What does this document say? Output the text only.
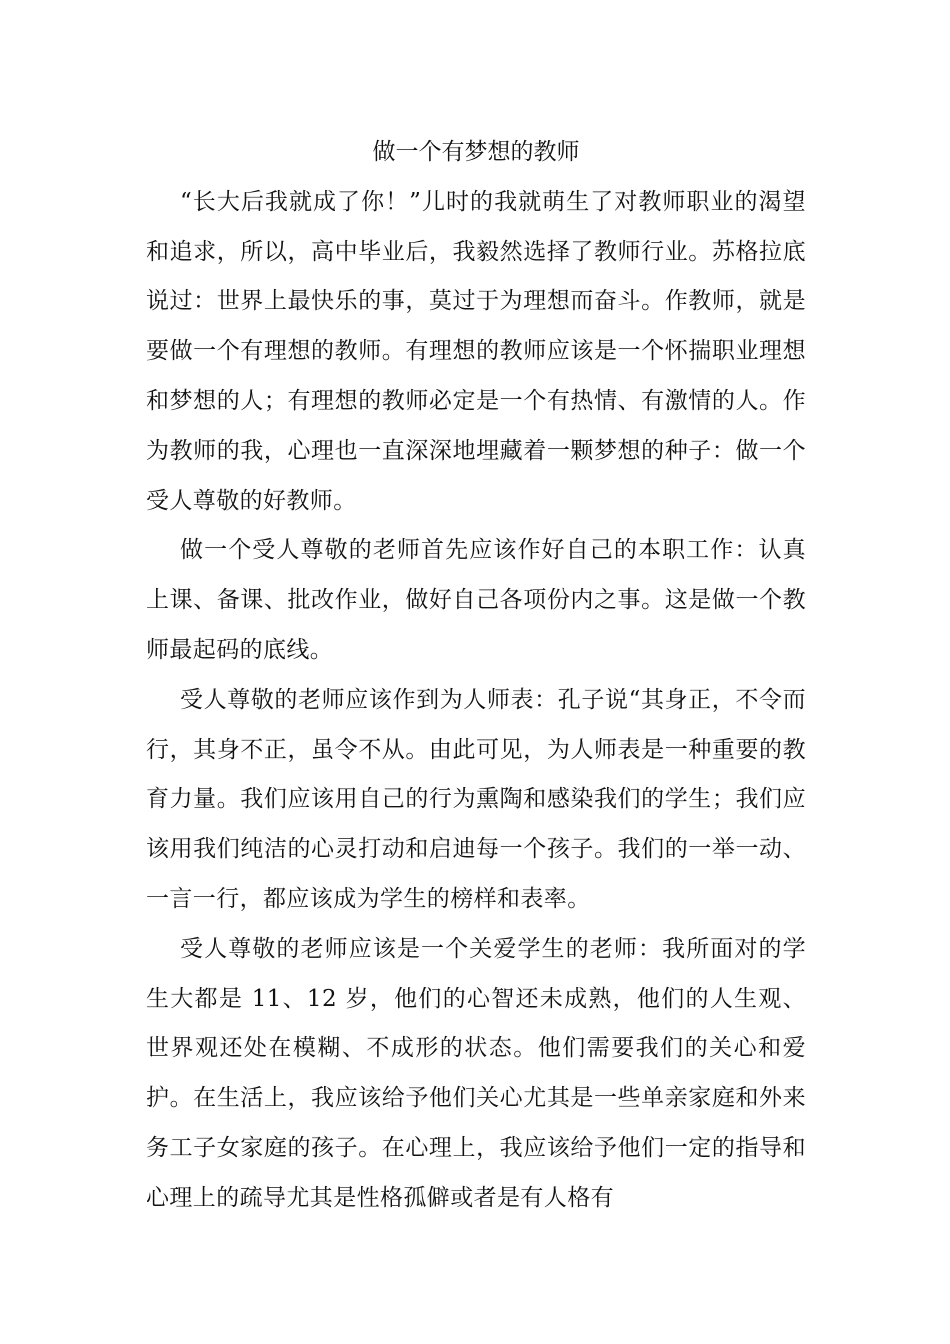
做一个有梦想的教师

“长大后我就成了你！”儿时的我就萌生了对教师职业的渴望和追求，所以，高中毕业后，我毅然选择了教师行业。苏格拉底说过：世界上最快乐的事，莫过于为理想而奋斗。作教师，就是要做一个有理想的教师。有理想的教师应该是一个怀揣职业理想和梦想的人；有理想的教师必定是一个有热情、有激情的人。作为教师的我，心理也一直深深地埋藏着一颗梦想的种子：做一个受人尊敬的好教师。

做一个受人尊敬的老师首先应该作好自己的本职工作：认真上课、备课、批改作业，做好自己各项份内之事。这是做一个教师最起码的底线。

受人尊敬的老师应该作到为人师表：孔子说“其身正，不令而行，其身不正，虽令不从。由此可见，为人师表是一种重要的教育力量。我们应该用自己的行为熏陶和感染我们的学生；我们应该用我们纯洁的心灵打动和启迪每一个孩子。我们的一举一动、一言一行，都应该成为学生的榜样和表率。

受人尊敬的老师应该是一个关爱学生的老师：我所面对的学生大都是 11、12 岁，他们的心智还未成熟，他们的人生观、世界观还处在模糊、不成形的状态。他们需要我们的关心和爱护。在生活上，我应该给予他们关心尤其是一些单亲家庭和外来务工子女家庭的孩子。在心理上，我应该给予他们一定的指导和心理上的疏导尤其是性格孤僻或者是有人格有
